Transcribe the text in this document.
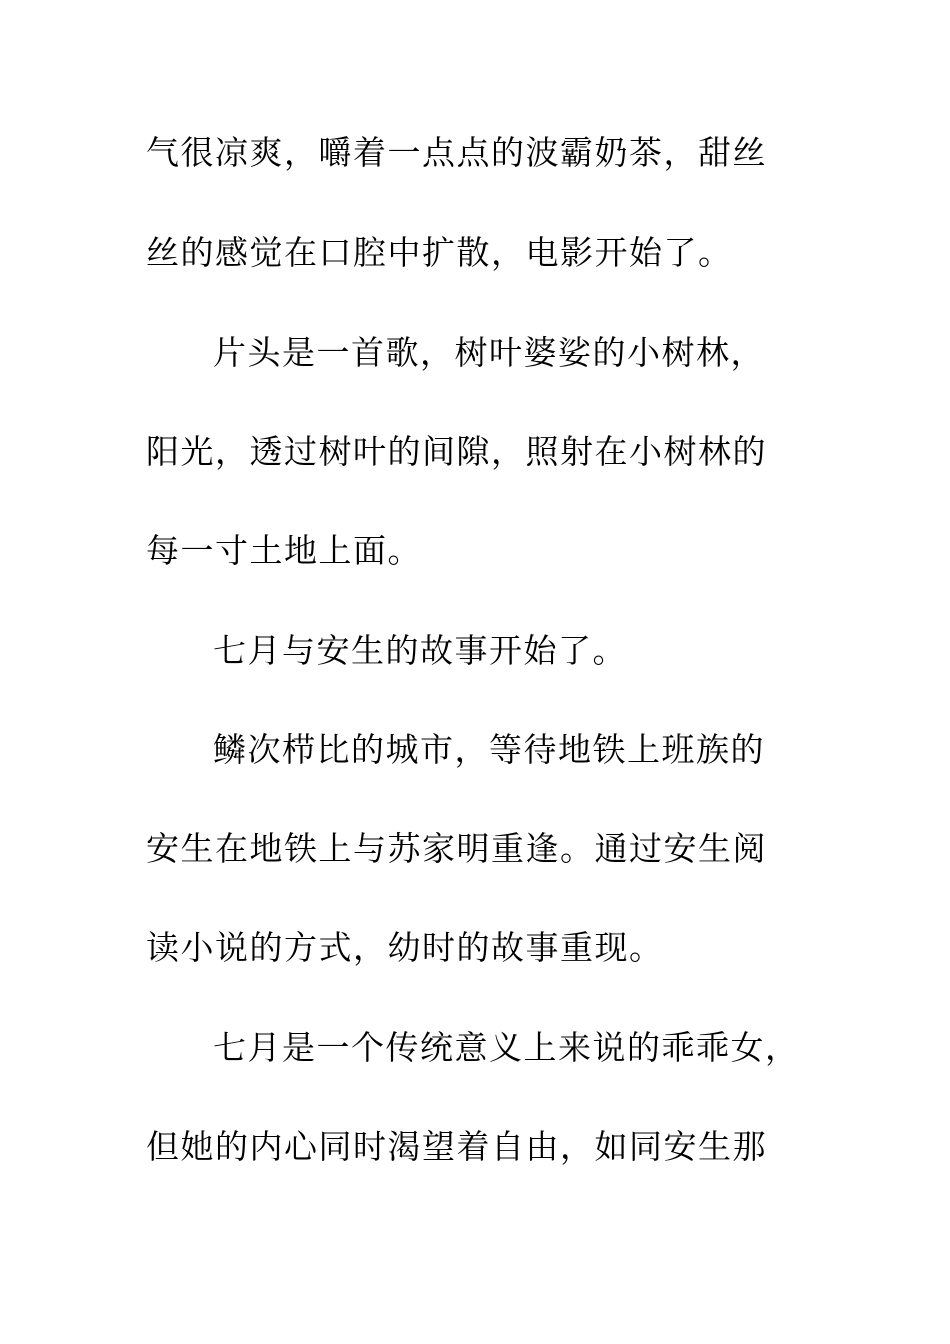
气很凉爽，嚼着一点点的波霸奶茶，甜丝
丝的感觉在口腔中扩散，电影开始了。
片头是一首歌，树叶婆娑的小树林，
阳光，透过树叶的间隙，照射在小树林的
每一寸土地上面。
七月与安生的故事开始了。
鳞次栉比的城市，等待地铁上班族的
安生在地铁上与苏家明重逢。通过安生阅
读小说的方式，幼时的故事重现。
七月是一个传统意义上来说的乖乖女，
但她的内心同时渴望着自由，如同安生那
